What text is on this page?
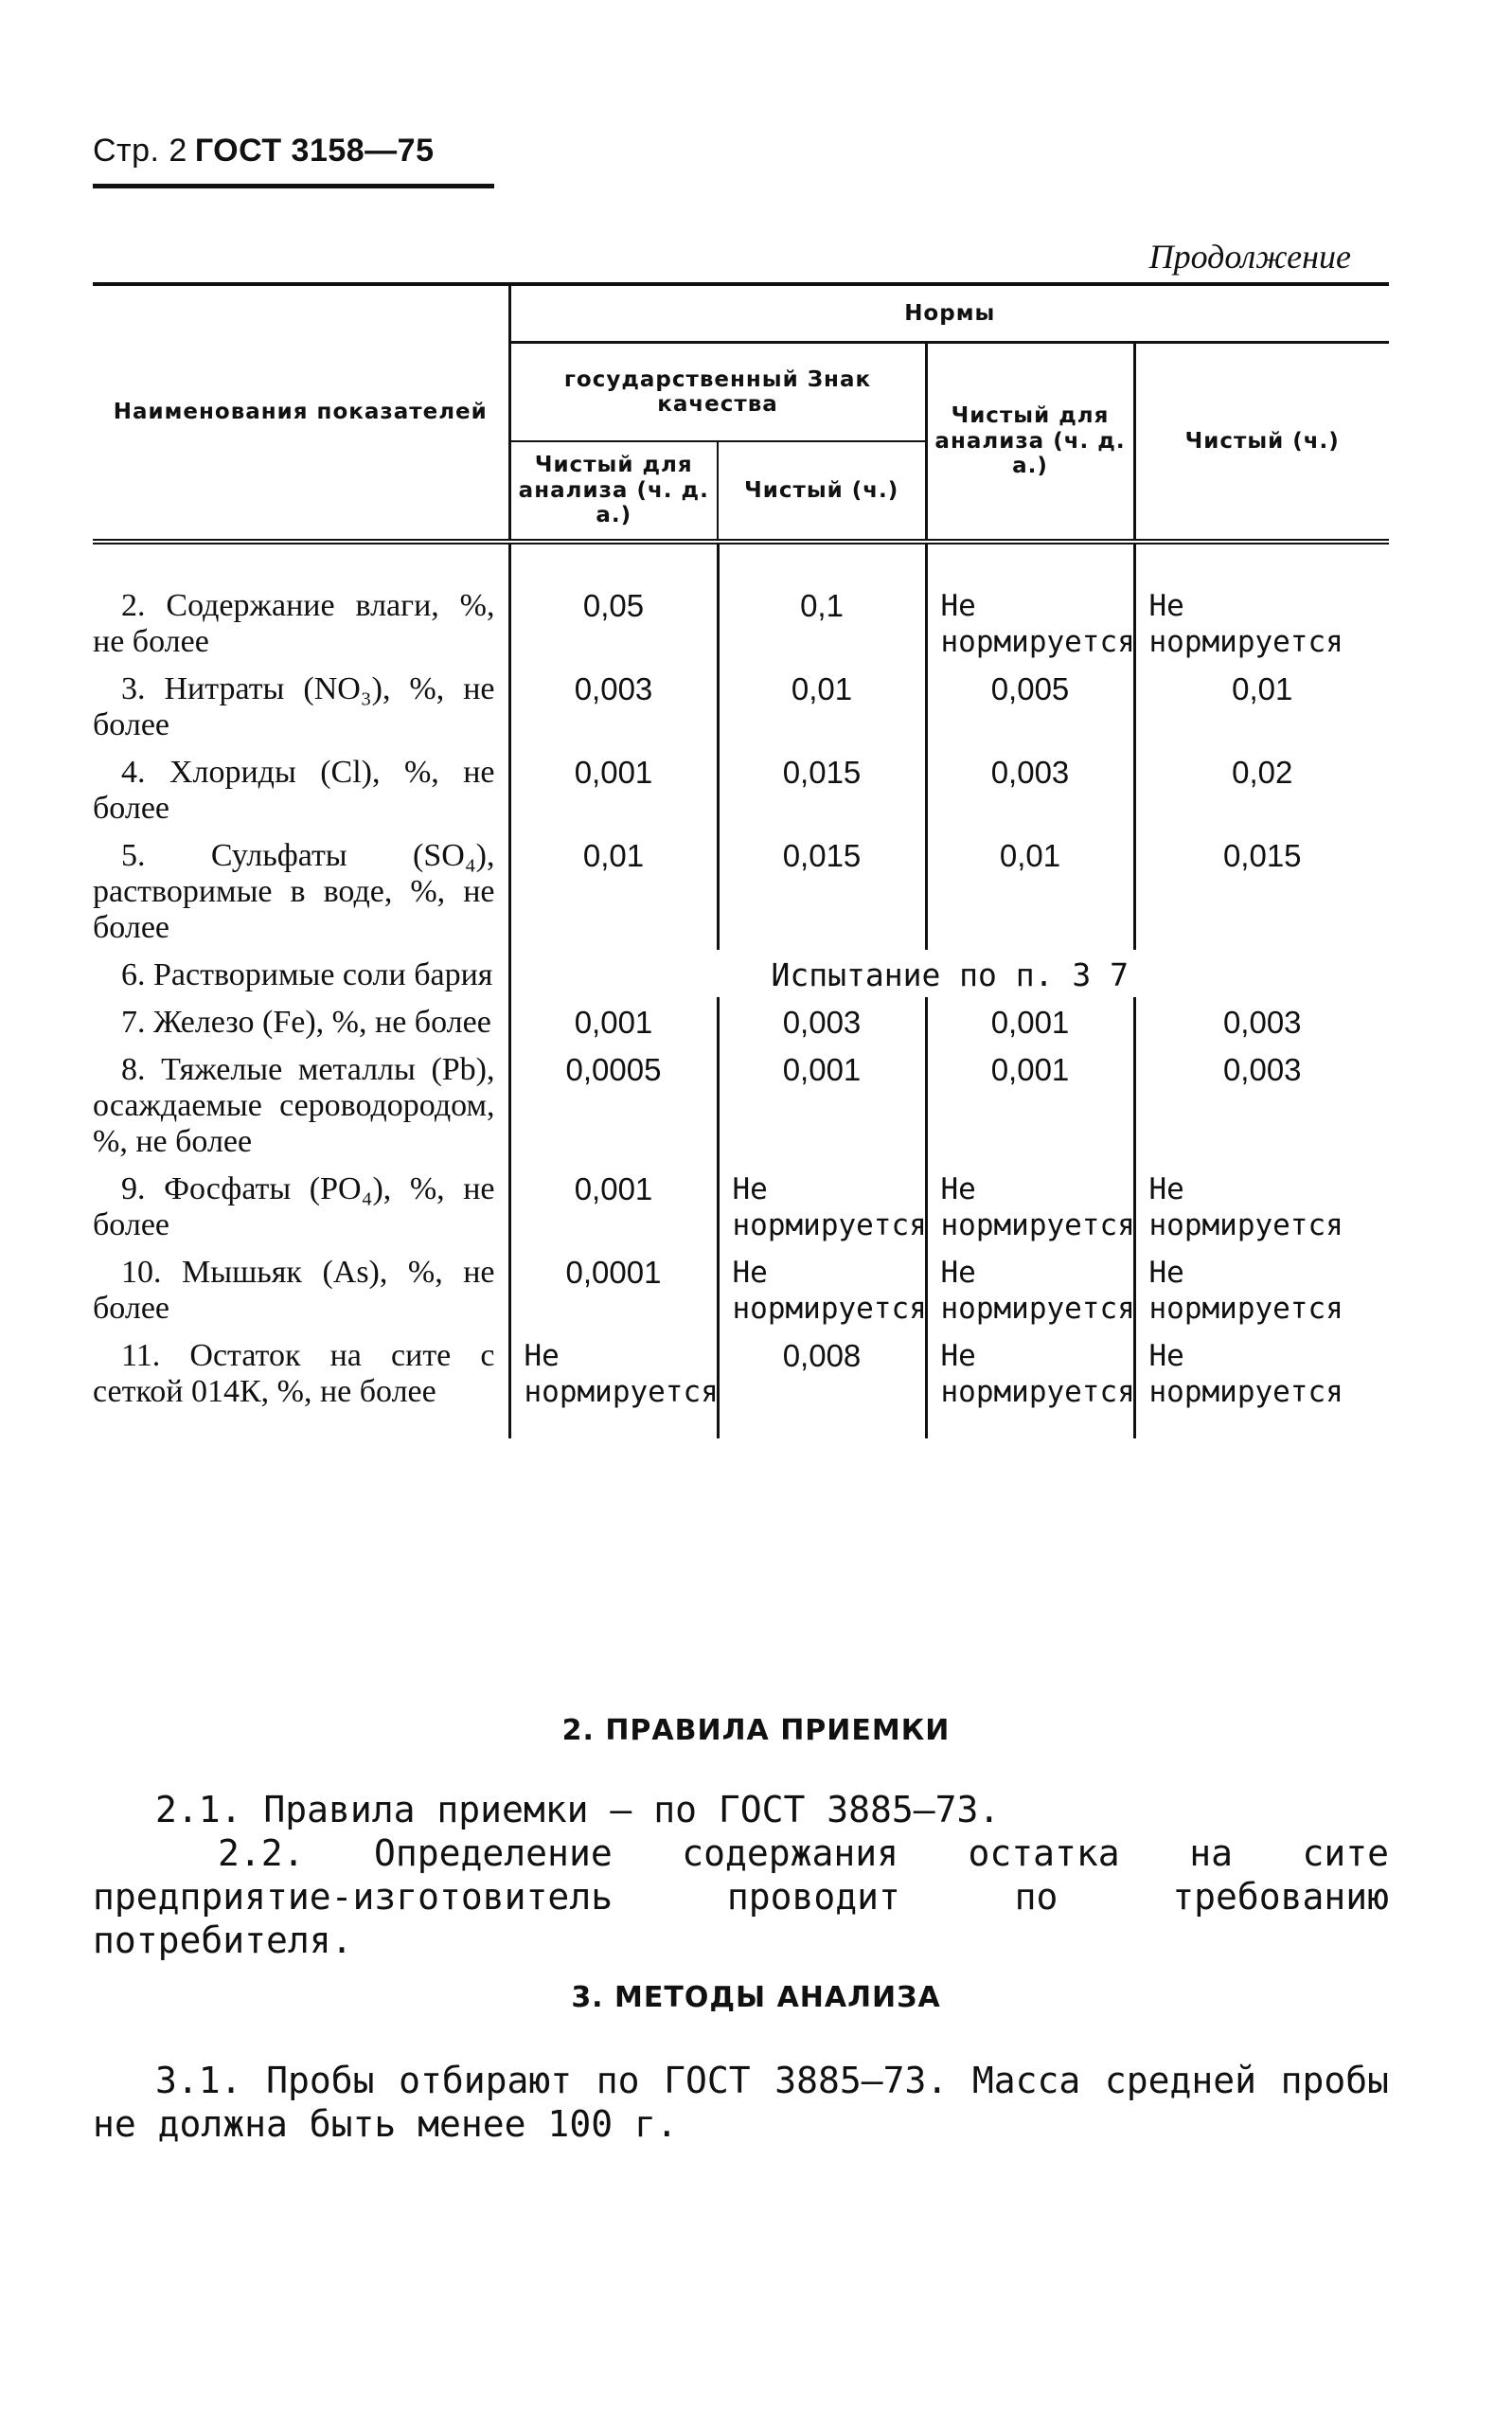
Стр. 2 ГОСТ 3158—75
Продолжение
Наименования показателей	Нормы			
	государственный Знак качества		Чистый для анализа (ч. д. а.)	Чистый (ч.)
	Чистый для анализа (ч. д. а.)	Чистый (ч.)		
2. Содержание влаги, %, не более	0,05	0,1	Не нормируется	Не нормируется
3. Нитраты (NO₃), %, не более	0,003	0,01	0,005	0,01
4. Хлориды (Cl), %, не более	0,001	0,015	0,003	0,02
5. Сульфаты (SO₄), растворимые в воде, %, не более	0,01	0,015	0,01	0,015
6. Растворимые соли бария	Испытание по п. 3 7			
7. Железо (Fe), %, не более	0,001	0,003	0,001	0,003
8. Тяжелые металлы (Pb), осаждаемые сероводородом, %, не более	0,0005	0,001	0,001	0,003
9. Фосфаты (PO₄), %, не более	0,001	Не нормируется	Не нормируется	Не нормируется
10. Мышьяк (As), %, не более	0,0001	Не нормируется	Не нормируется	Не нормируется
11. Остаток на сите с сеткой 014К, %, не более	Не нормируется	0,008	Не нормируется	Не нормируется
2. ПРАВИЛА ПРИЕМКИ
2.1. Правила приемки — по ГОСТ 3885—73.
2.2. Определение содержания остатка на сите предприятие-изготовитель проводит по требованию потребителя.
3. МЕТОДЫ АНАЛИЗА
3.1. Пробы отбирают по ГОСТ 3885—73. Масса средней пробы не должна быть менее 100 г.
